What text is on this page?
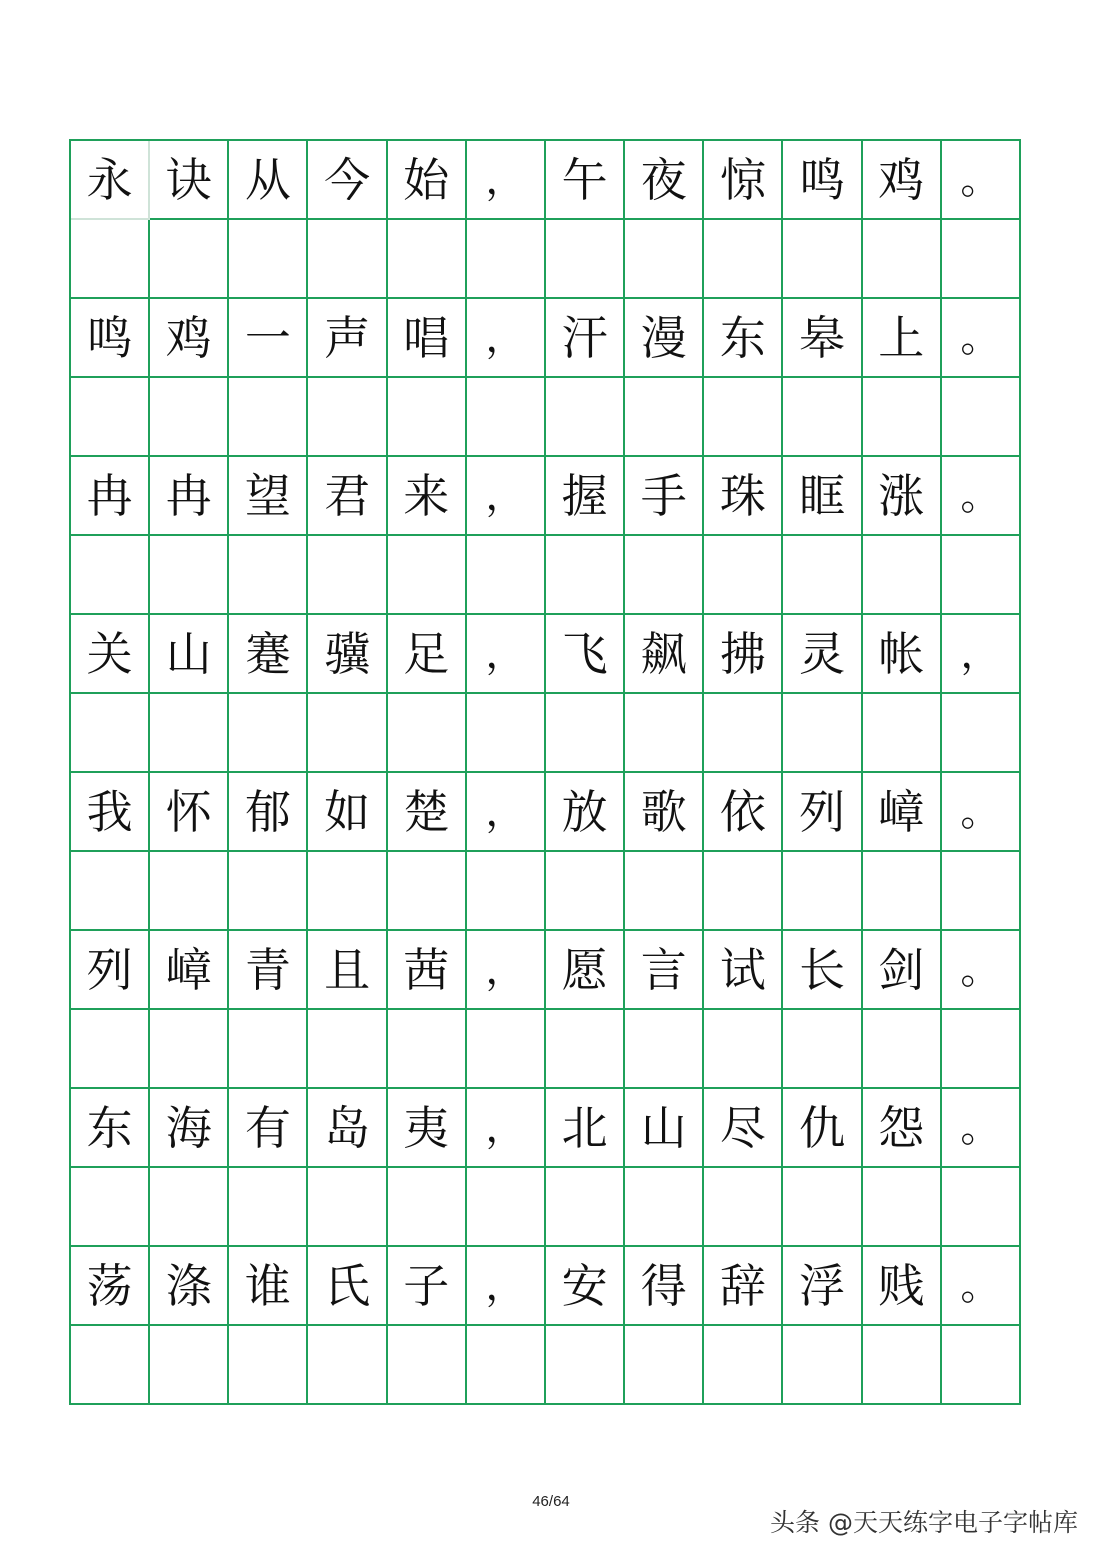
永 诀 从 今 始 ， 午 夜 惊 鸣 鸡 。
鸣 鸡 一 声 唱 ， 汗 漫 东 皋 上 。
冉 冉 望 君 来 ， 握 手 珠 眶 涨 。
关 山 蹇 骥 足 ， 飞 飙 拂 灵 帐 ，
我 怀 郁 如 楚 ， 放 歌 依 列 嶂 。
列 嶂 青 且 茜 ， 愿 言 试 长 剑 。
东 海 有 岛 夷 ， 北 山 尽 仇 怨 。
荡 涤 谁 氏 子 ， 安 得 辞 浮 贱 。
46/64
头条 @天天练字电子字帖库
